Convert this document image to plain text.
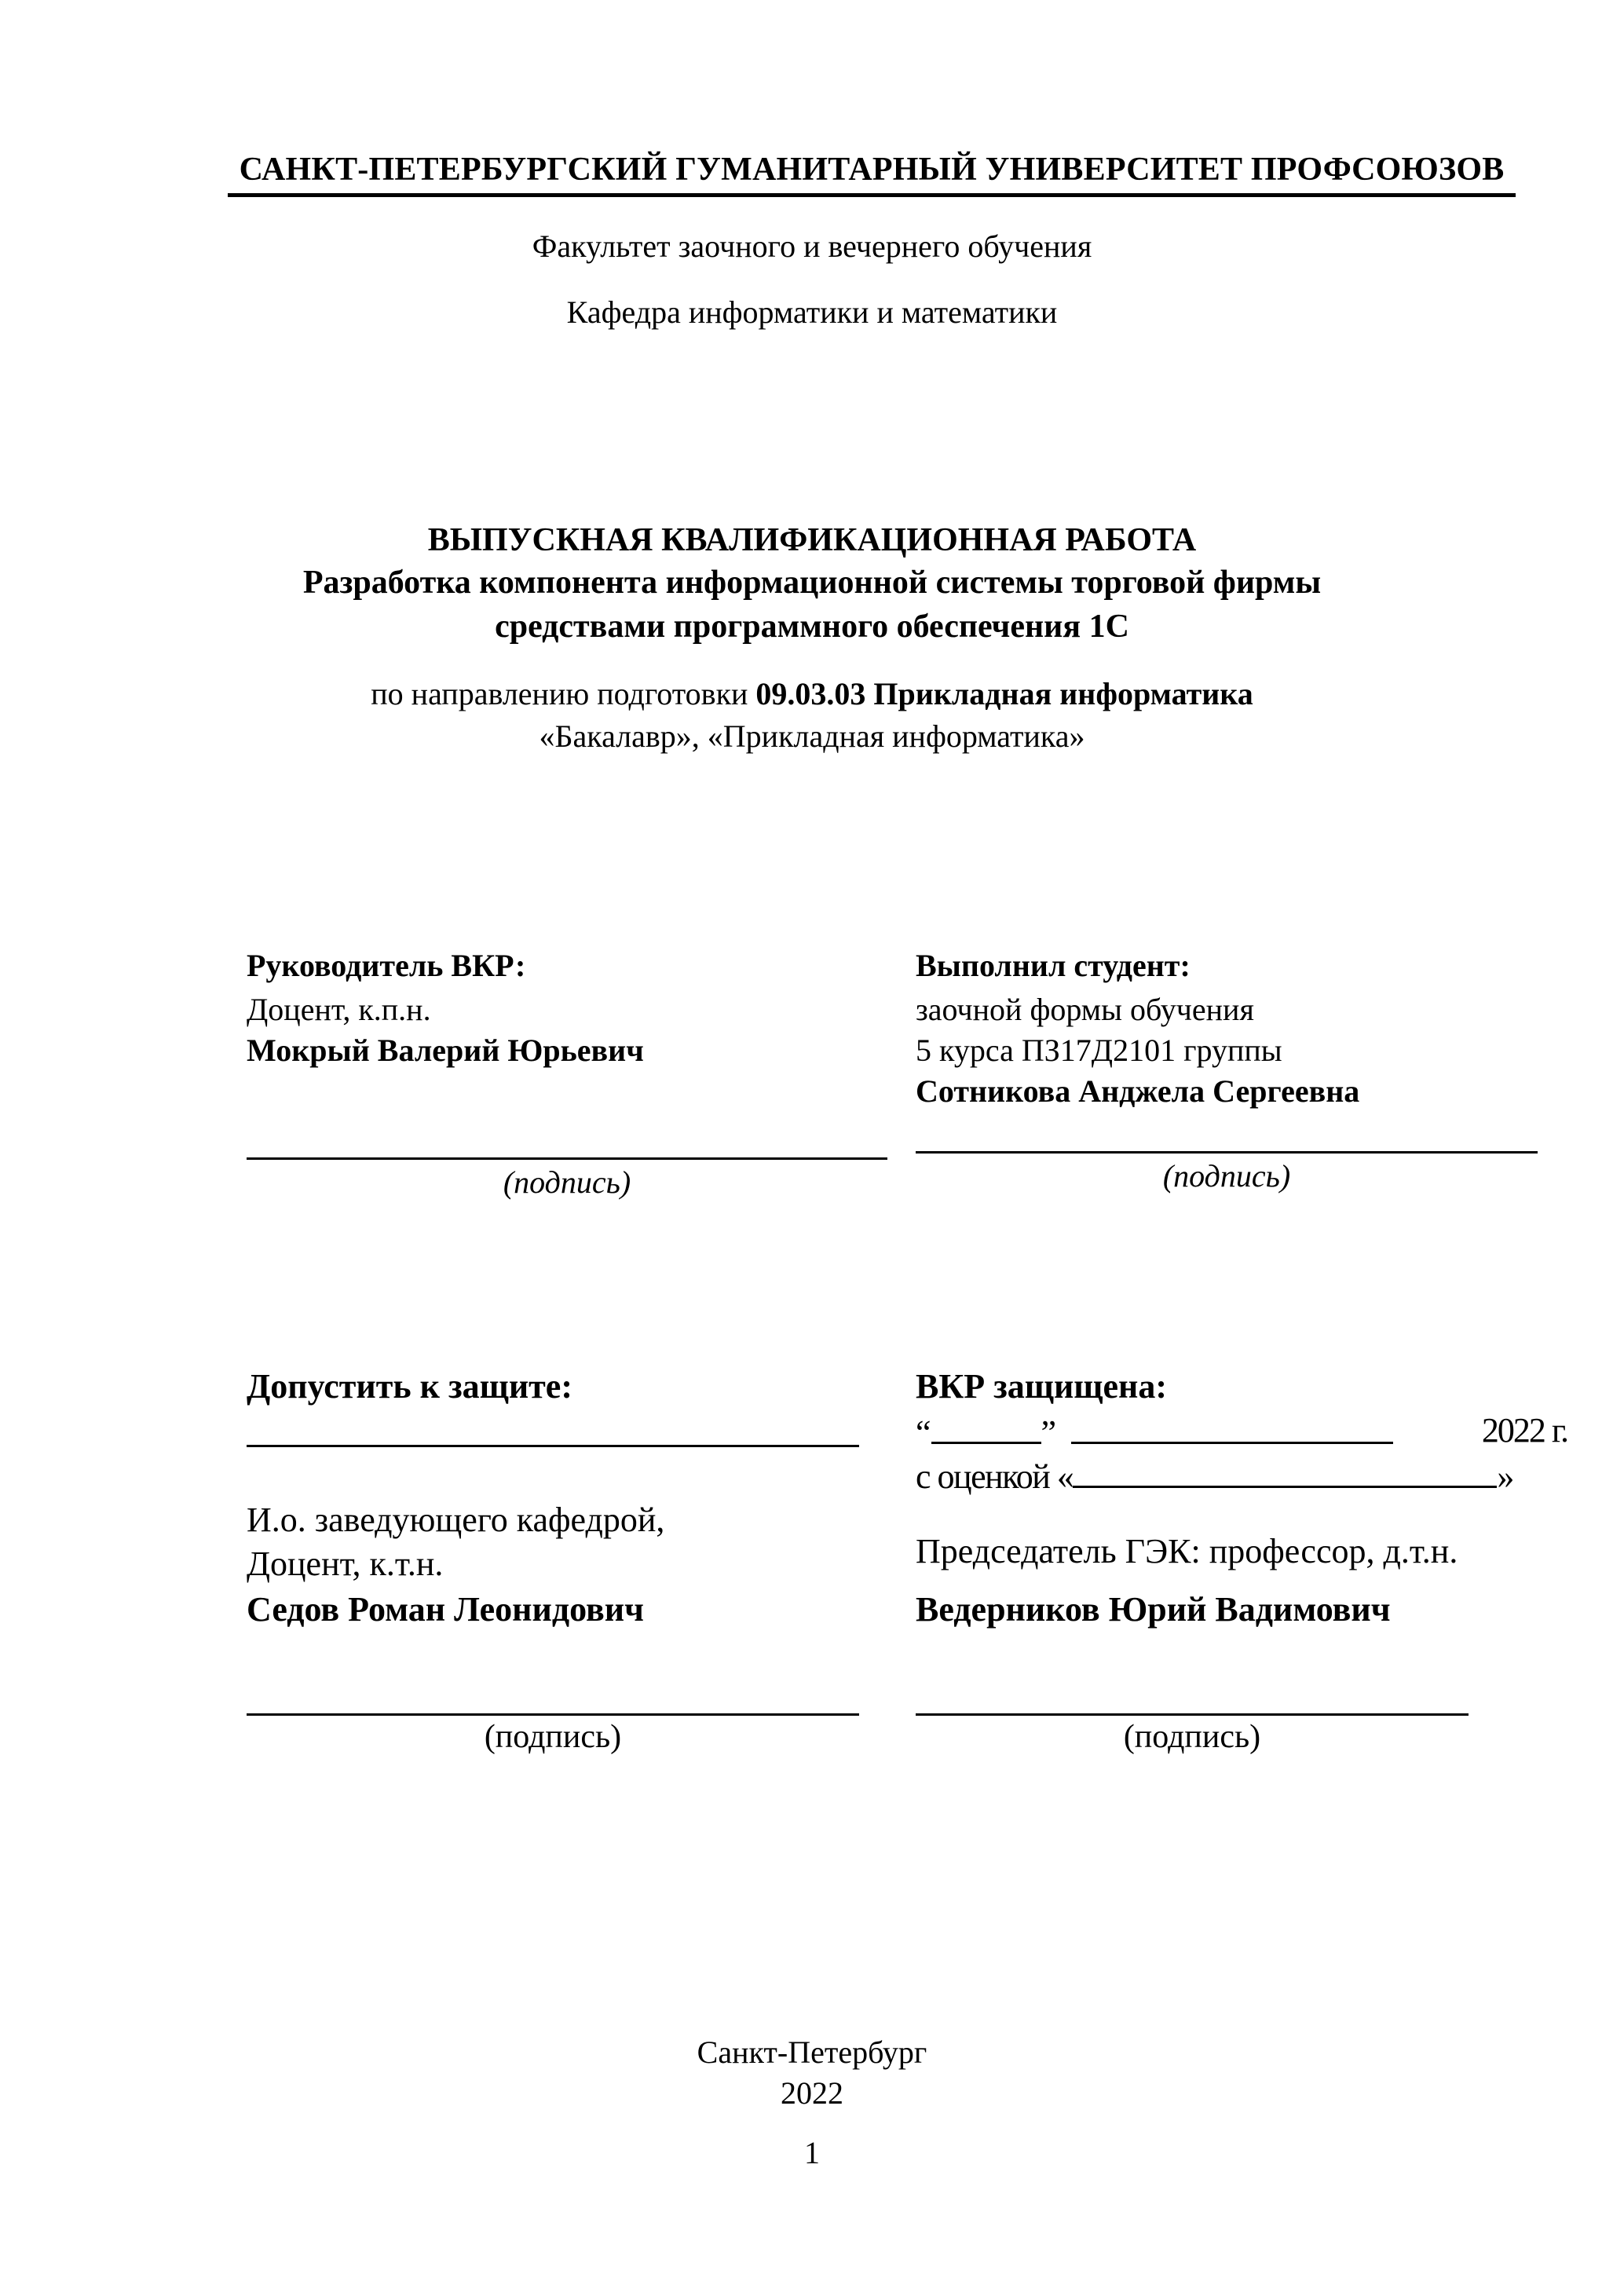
САНКТ-ПЕТЕРБУРГСКИЙ ГУМАНИТАРНЫЙ УНИВЕРСИТЕТ ПРОФСОЮЗОВ
Факультет заочного и вечернего обучения
Кафедра информатики и математики
ВЫПУСКНАЯ КВАЛИФИКАЦИОННАЯ РАБОТА
Разработка компонента информационной системы торговой фирмы
средствами программного обеспечения 1С
по направлению подготовки 09.03.03 Прикладная информатика
«Бакалавр», «Прикладная информатика»
Руководитель ВКР:
Доцент, к.п.н.
Мокрый Валерий Юрьевич
(подпись)
Выполнил студент:
заочной формы обучения
5 курса ПЗ17Д2101 группы
Сотникова Анджела Сергеевна
(подпись)
Допустить к защите:
И.о. заведующего кафедрой,
Доцент, к.т.н.
Седов Роман Леонидович
(подпись)
ВКР защищена:
“	”	2022 г.
с оценкой «	»
Председатель ГЭК: профессор, д.т.н.
Ведерников Юрий Вадимович
(подпись)
Санкт-Петербург
2022
1
